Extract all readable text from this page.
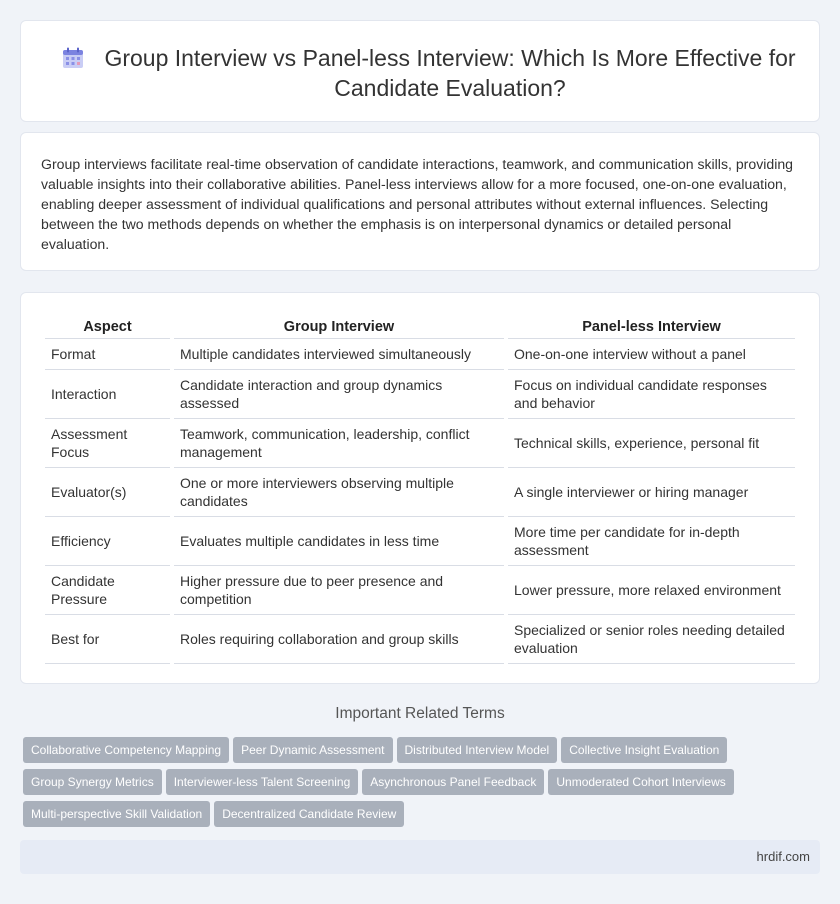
Group Interview vs Panel-less Interview: Which Is More Effective for Candidate Evaluation?

Group interviews facilitate real-time observation of candidate interactions, teamwork, and communication skills, providing valuable insights into their collaborative abilities. Panel-less interviews allow for a more focused, one-on-one evaluation, enabling deeper assessment of individual qualifications and personal attributes without external influences. Selecting between the two methods depends on whether the emphasis is on interpersonal dynamics or detailed personal evaluation.

Aspect	Group Interview	Panel-less Interview
Format	Multiple candidates interviewed simultaneously	One-on-one interview without a panel
Interaction	Candidate interaction and group dynamics assessed	Focus on individual candidate responses and behavior
Assessment Focus	Teamwork, communication, leadership, conflict management	Technical skills, experience, personal fit
Evaluator(s)	One or more interviewers observing multiple candidates	A single interviewer or hiring manager
Efficiency	Evaluates multiple candidates in less time	More time per candidate for in-depth assessment
Candidate Pressure	Higher pressure due to peer presence and competition	Lower pressure, more relaxed environment
Best for	Roles requiring collaboration and group skills	Specialized or senior roles needing detailed evaluation
Important Related Terms
Collaborative Competency Mapping Peer Dynamic Assessment Distributed Interview Model Collective Insight Evaluation
Group Synergy Metrics Interviewer-less Talent Screening Asynchronous Panel Feedback Unmoderated Cohort Interviews
Multi-perspective Skill Validation Decentralized Candidate Review
hrdif.com
